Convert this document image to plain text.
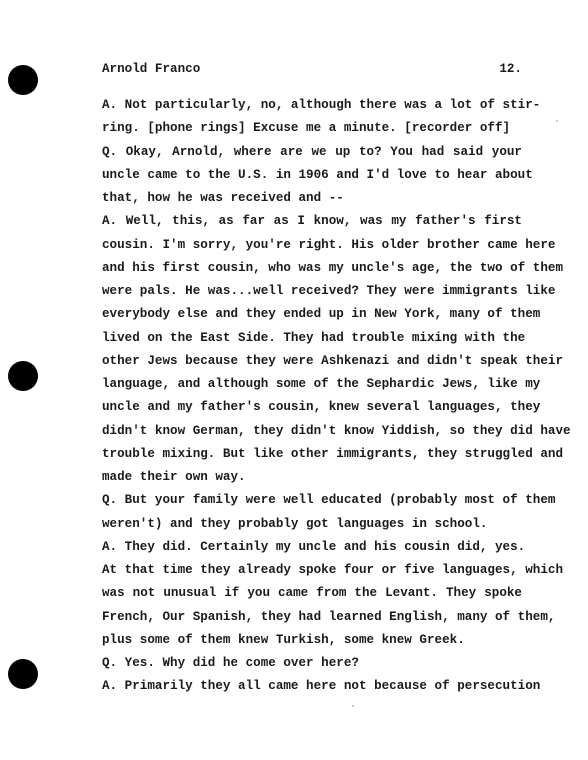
Arnold Franco	12.
A. Not particularly, no, although there was a lot of stir-
ring. [phone rings] Excuse me a minute. [recorder off]
Q. Okay, Arnold, where are we up to? You had said your
uncle came to the U.S. in 1906 and I'd love to hear about
that, how he was received and --
A. Well, this, as far as I know, was my father's first
cousin. I'm sorry, you're right. His older brother came here
and his first cousin, who was my uncle's age, the two of them
were pals. He was...well received? They were immigrants like
everybody else and they ended up in New York, many of them
lived on the East Side. They had trouble mixing with the
other Jews because they were Ashkenazi and didn't speak their
language, and although some of the Sephardic Jews, like my
uncle and my father's cousin, knew several languages, they
didn't know German, they didn't know Yiddish, so they did have
trouble mixing. But like other immigrants, they struggled and
made their own way.
Q. But your family were well educated (probably most of them
weren't) and they probably got languages in school.
A. They did. Certainly my uncle and his cousin did, yes.
At that time they already spoke four or five languages, which
was not unusual if you came from the Levant. They spoke
French, Our Spanish, they had learned English, many of them,
plus some of them knew Turkish, some knew Greek.
Q. Yes. Why did he come over here?
A. Primarily they all came here not because of persecution
